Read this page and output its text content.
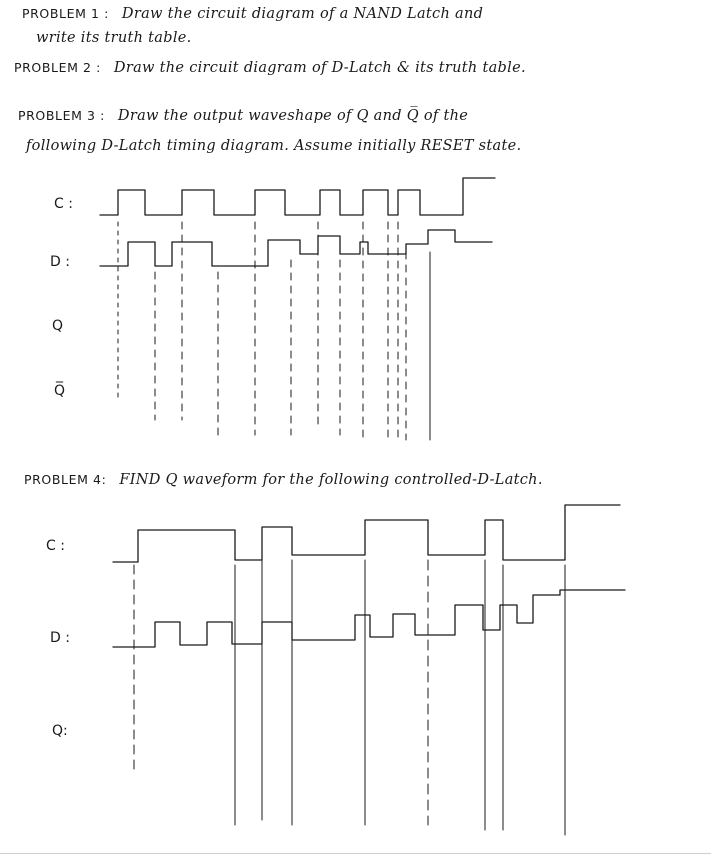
PROBLEM 1 : Draw the circuit diagram of a NAND Latch and
write its truth table.
PROBLEM 2 : Draw the circuit diagram of D-Latch & its truth table.
PROBLEM 3 : Draw the output waveshape of Q and Q̅ of the
following D-Latch timing diagram. Assume initially RESET state.
C :
D :
Q
Q̅
PROBLEM 4: FIND Q waveform for the following controlled-D-Latch.
C :
D :
Q:
